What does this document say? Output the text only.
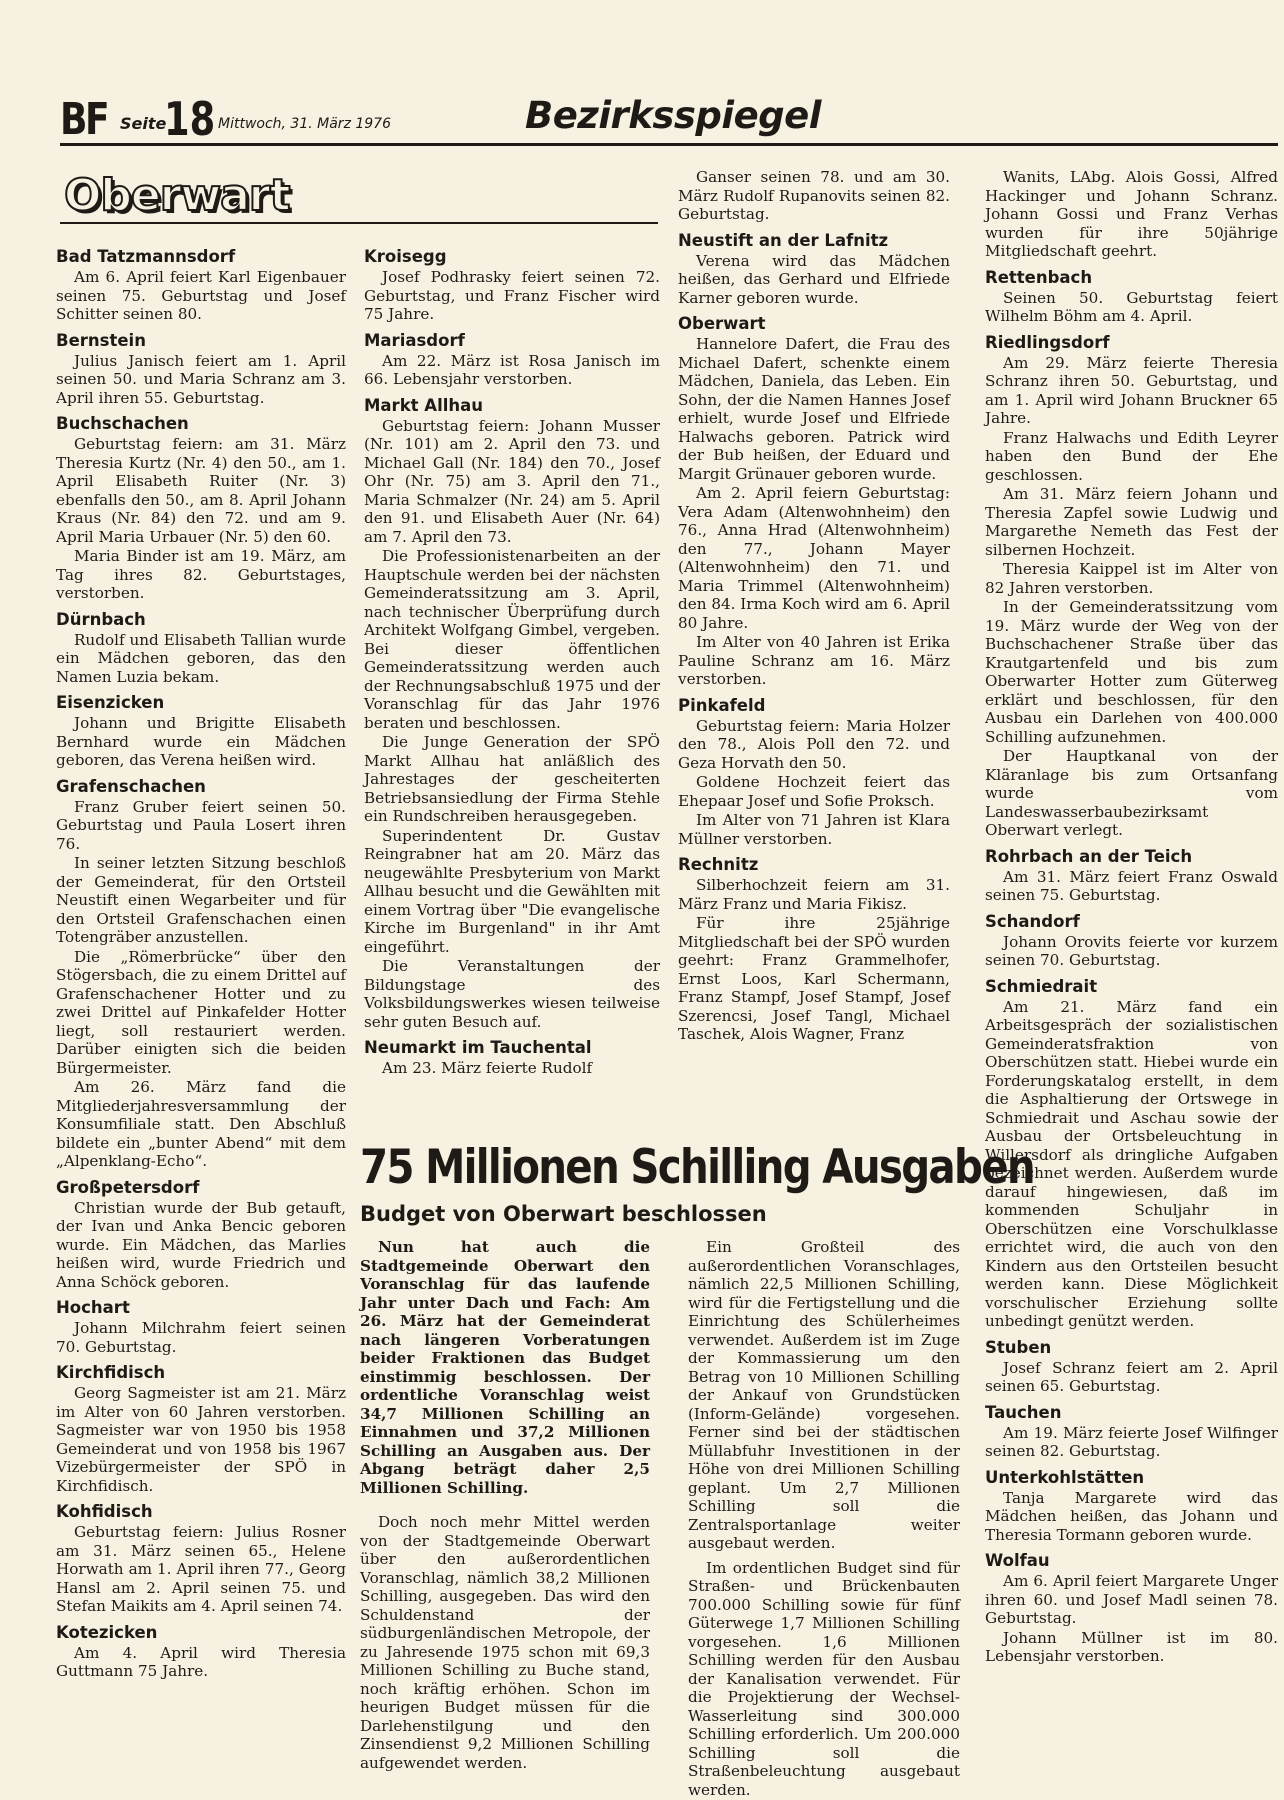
BF Seite
18 Mittwoch, 31. März 1976	Bezirksspiegel
Oberwart
Bad Tatzmannsdorf

Am 6. April feiert Karl Eigenbauer seinen 75. Geburtstag und Josef Schitter seinen 80.

Bernstein

Julius Janisch feiert am 1. April seinen 50. und Maria Schranz am 3. April ihren 55. Geburtstag.

Buchschachen

Geburtstag feiern: am 31. März Theresia Kurtz (Nr. 4) den 50., am 1. April Elisabeth Ruiter (Nr. 3) ebenfalls den 50., am 8. April Johann Kraus (Nr. 84) den 72. und am 9. April Maria Urbauer (Nr. 5) den 60.

Maria Binder ist am 19. März, am Tag ihres 82. Geburtstages, verstorben.

Dürnbach

Rudolf und Elisabeth Tallian wurde ein Mädchen geboren, das den Namen Luzia bekam.

Eisenzicken

Johann und Brigitte Elisabeth Bernhard wurde ein Mädchen geboren, das Verena heißen wird.

Grafenschachen

Franz Gruber feiert seinen 50. Geburtstag und Paula Losert ihren 76.

In seiner letzten Sitzung beschloß der Gemeinderat, für den Ortsteil Neustift einen Wegarbeiter und für den Ortsteil Grafenschachen einen Totengräber anzustellen.

Die „Römerbrücke“ über den Stögersbach, die zu einem Drittel auf Grafenschachener Hotter und zu zwei Drittel auf Pinkafelder Hotter liegt, soll restauriert werden. Darüber einigten sich die beiden Bürgermeister.

Am 26. März fand die Mitgliederjahresversammlung der Konsumfiliale statt. Den Abschluß bildete ein „bunter Abend“ mit dem „Alpenklang-Echo“.

Großpetersdorf

Christian wurde der Bub getauft, der Ivan und Anka Bencic geboren wurde. Ein Mädchen, das Marlies heißen wird, wurde Friedrich und Anna Schöck geboren.

Hochart

Johann Milchrahm feiert seinen 70. Geburtstag.

Kirchfidisch

Georg Sagmeister ist am 21. März im Alter von 60 Jahren verstorben. Sagmeister war von 1950 bis 1958 Gemeinderat und von 1958 bis 1967 Vizebürgermeister der SPÖ in Kirchfidisch.

Kohfidisch

Geburtstag feiern: Julius Rosner am 31. März seinen 65., Helene Horwath am 1. April ihren 77., Georg Hansl am 2. April seinen 75. und Stefan Maikits am 4. April seinen 74.

Kotezicken

Am 4. April wird Theresia Guttmann 75 Jahre.

Kroisegg

Josef Podhrasky feiert seinen 72. Geburtstag, und Franz Fischer wird 75 Jahre.

Mariasdorf

Am 22. März ist Rosa Janisch im 66. Lebensjahr verstorben.

Markt Allhau

Geburtstag feiern: Johann Musser (Nr. 101) am 2. April den 73. und Michael Gall (Nr. 184) den 70., Josef Ohr (Nr. 75) am 3. April den 71., Maria Schmalzer (Nr. 24) am 5. April den 91. und Elisabeth Auer (Nr. 64) am 7. April den 73.

Die Professionistenarbeiten an der Hauptschule werden bei der nächsten Gemeinderatssitzung am 3. April, nach technischer Überprüfung durch Architekt Wolfgang Gimbel, vergeben. Bei dieser öffentlichen Gemeinderatssitzung werden auch der Rechnungsabschluß 1975 und der Voranschlag für das Jahr 1976 beraten und beschlossen.

Die Junge Generation der SPÖ Markt Allhau hat anläßlich des Jahrestages der gescheiterten Betriebsansiedlung der Firma Stehle ein Rundschreiben herausgegeben.

Superindentent Dr. Gustav Reingrabner hat am 20. März das neugewählte Presbyterium von Markt Allhau besucht und die Gewählten mit einem Vortrag über "Die evangelische Kirche im Burgenland" in ihr Amt eingeführt.

Die Veranstaltungen der Bildungstage des Volksbildungswerkes wiesen teilweise sehr guten Besuch auf.

Neumarkt im Tauchental

Am 23. März feierte Rudolf

Ganser seinen 78. und am 30. März Rudolf Rupanovits seinen 82. Geburtstag.

Neustift an der Lafnitz

Verena wird das Mädchen heißen, das Gerhard und Elfriede Karner geboren wurde.

Oberwart

Hannelore Dafert, die Frau des Michael Dafert, schenkte einem Mädchen, Daniela, das Leben. Ein Sohn, der die Namen Hannes Josef erhielt, wurde Josef und Elfriede Halwachs geboren. Patrick wird der Bub heißen, der Eduard und Margit Grünauer geboren wurde.

Am 2. April feiern Geburtstag: Vera Adam (Altenwohnheim) den 76., Anna Hrad (Altenwohnheim) den 77., Johann Mayer (Altenwohnheim) den 71. und Maria Trimmel (Altenwohnheim) den 84. Irma Koch wird am 6. April 80 Jahre.

Im Alter von 40 Jahren ist Erika Pauline Schranz am 16. März verstorben.

Pinkafeld

Geburtstag feiern: Maria Holzer den 78., Alois Poll den 72. und Geza Horvath den 50.

Goldene Hochzeit feiert das Ehepaar Josef und Sofie Proksch.

Im Alter von 71 Jahren ist Klara Müllner verstorben.

Rechnitz

Silberhochzeit feiern am 31. März Franz und Maria Fikisz.

Für ihre 25jährige Mitgliedschaft bei der SPÖ wurden geehrt: Franz Grammelhofer, Ernst Loos, Karl Schermann, Franz Stampf, Josef Stampf, Josef Szerencsi, Josef Tangl, Michael Taschek, Alois Wagner, Franz

Wanits, LAbg. Alois Gossi, Alfred Hackinger und Johann Schranz. Johann Gossi und Franz Verhas wurden für ihre 50jährige Mitgliedschaft geehrt.

Rettenbach

Seinen 50. Geburtstag feiert Wilhelm Böhm am 4. April.

Riedlingsdorf

Am 29. März feierte Theresia Schranz ihren 50. Geburtstag, und am 1. April wird Johann Bruckner 65 Jahre.

Franz Halwachs und Edith Leyrer haben den Bund der Ehe geschlossen.

Am 31. März feiern Johann und Theresia Zapfel sowie Ludwig und Margarethe Nemeth das Fest der silbernen Hochzeit.

Theresia Kaippel ist im Alter von 82 Jahren verstorben.

In der Gemeinderatssitzung vom 19. März wurde der Weg von der Buchschachener Straße über das Krautgartenfeld und bis zum Oberwarter Hotter zum Güterweg erklärt und beschlossen, für den Ausbau ein Darlehen von 400.000 Schilling aufzunehmen.

Der Hauptkanal von der Kläranlage bis zum Ortsanfang wurde vom Landeswasserbaubezirksamt Oberwart verlegt.

Rohrbach an der Teich

Am 31. März feiert Franz Oswald seinen 75. Geburtstag.

Schandorf

Johann Orovits feierte vor kurzem seinen 70. Geburtstag.

Schmiedrait

Am 21. März fand ein Arbeitsgespräch der sozialistischen Gemeinderatsfraktion von Oberschützen statt. Hiebei wurde ein Forderungskatalog erstellt, in dem die Asphaltierung der Ortswege in Schmiedrait und Aschau sowie der Ausbau der Ortsbeleuchtung in Willersdorf als dringliche Aufgaben bezeichnet werden. Außerdem wurde darauf hingewiesen, daß im kommenden Schuljahr in Oberschützen eine Vorschulklasse errichtet wird, die auch von den Kindern aus den Ortsteilen besucht werden kann. Diese Möglichkeit vorschulischer Erziehung sollte unbedingt genützt werden.

Stuben

Josef Schranz feiert am 2. April seinen 65. Geburtstag.

Tauchen

Am 19. März feierte Josef Wilfinger seinen 82. Geburtstag.

Unterkohlstätten

Tanja Margarete wird das Mädchen heißen, das Johann und Theresia Tormann geboren wurde.

Wolfau

Am 6. April feiert Margarete Unger ihren 60. und Josef Madl seinen 78. Geburtstag.

Johann Müllner ist im 80. Lebensjahr verstorben.

75 Millionen Schilling Ausgaben
Budget von Oberwart beschlossen

Nun hat auch die Stadtgemeinde Oberwart den Voranschlag für das laufende Jahr unter Dach und Fach: Am 26. März hat der Gemeinderat nach längeren Vorberatungen beider Fraktionen das Budget einstimmig beschlossen. Der ordentliche Voranschlag weist 34,7 Millionen Schilling an Einnahmen und 37,2 Millionen Schilling an Ausgaben aus. Der Abgang beträgt daher 2,5 Millionen Schilling.

Doch noch mehr Mittel werden von der Stadtgemeinde Oberwart über den außerordentlichen Voranschlag, nämlich 38,2 Millionen Schilling, ausgegeben. Das wird den Schuldenstand der südburgenländischen Metropole, der zu Jahresende 1975 schon mit 69,3 Millionen Schilling zu Buche stand, noch kräftig erhöhen. Schon im heurigen Budget müssen für die Darlehenstilgung und den Zinsendienst 9,2 Millionen Schilling aufgewendet werden.

Ein Großteil des außerordentlichen Voranschlages, nämlich 22,5 Millionen Schilling, wird für die Fertigstellung und die Einrichtung des Schülerheimes verwendet. Außerdem ist im Zuge der Kommassierung um den Betrag von 10 Millionen Schilling der Ankauf von Grundstücken (Inform-Gelände) vorgesehen. Ferner sind bei der städtischen Müllabfuhr Investitionen in der Höhe von drei Millionen Schilling geplant. Um 2,7 Millionen Schilling soll die Zentralsportanlage weiter ausgebaut werden.

Im ordentlichen Budget sind für Straßen- und Brückenbauten 700.000 Schilling sowie für fünf Güterwege 1,7 Millionen Schilling vorgesehen. 1,6 Millionen Schilling werden für den Ausbau der Kanalisation verwendet. Für die Projektierung der Wechsel-Wasserleitung sind 300.000 Schilling erforderlich. Um 200.000 Schilling soll die Straßenbeleuchtung ausgebaut werden.
